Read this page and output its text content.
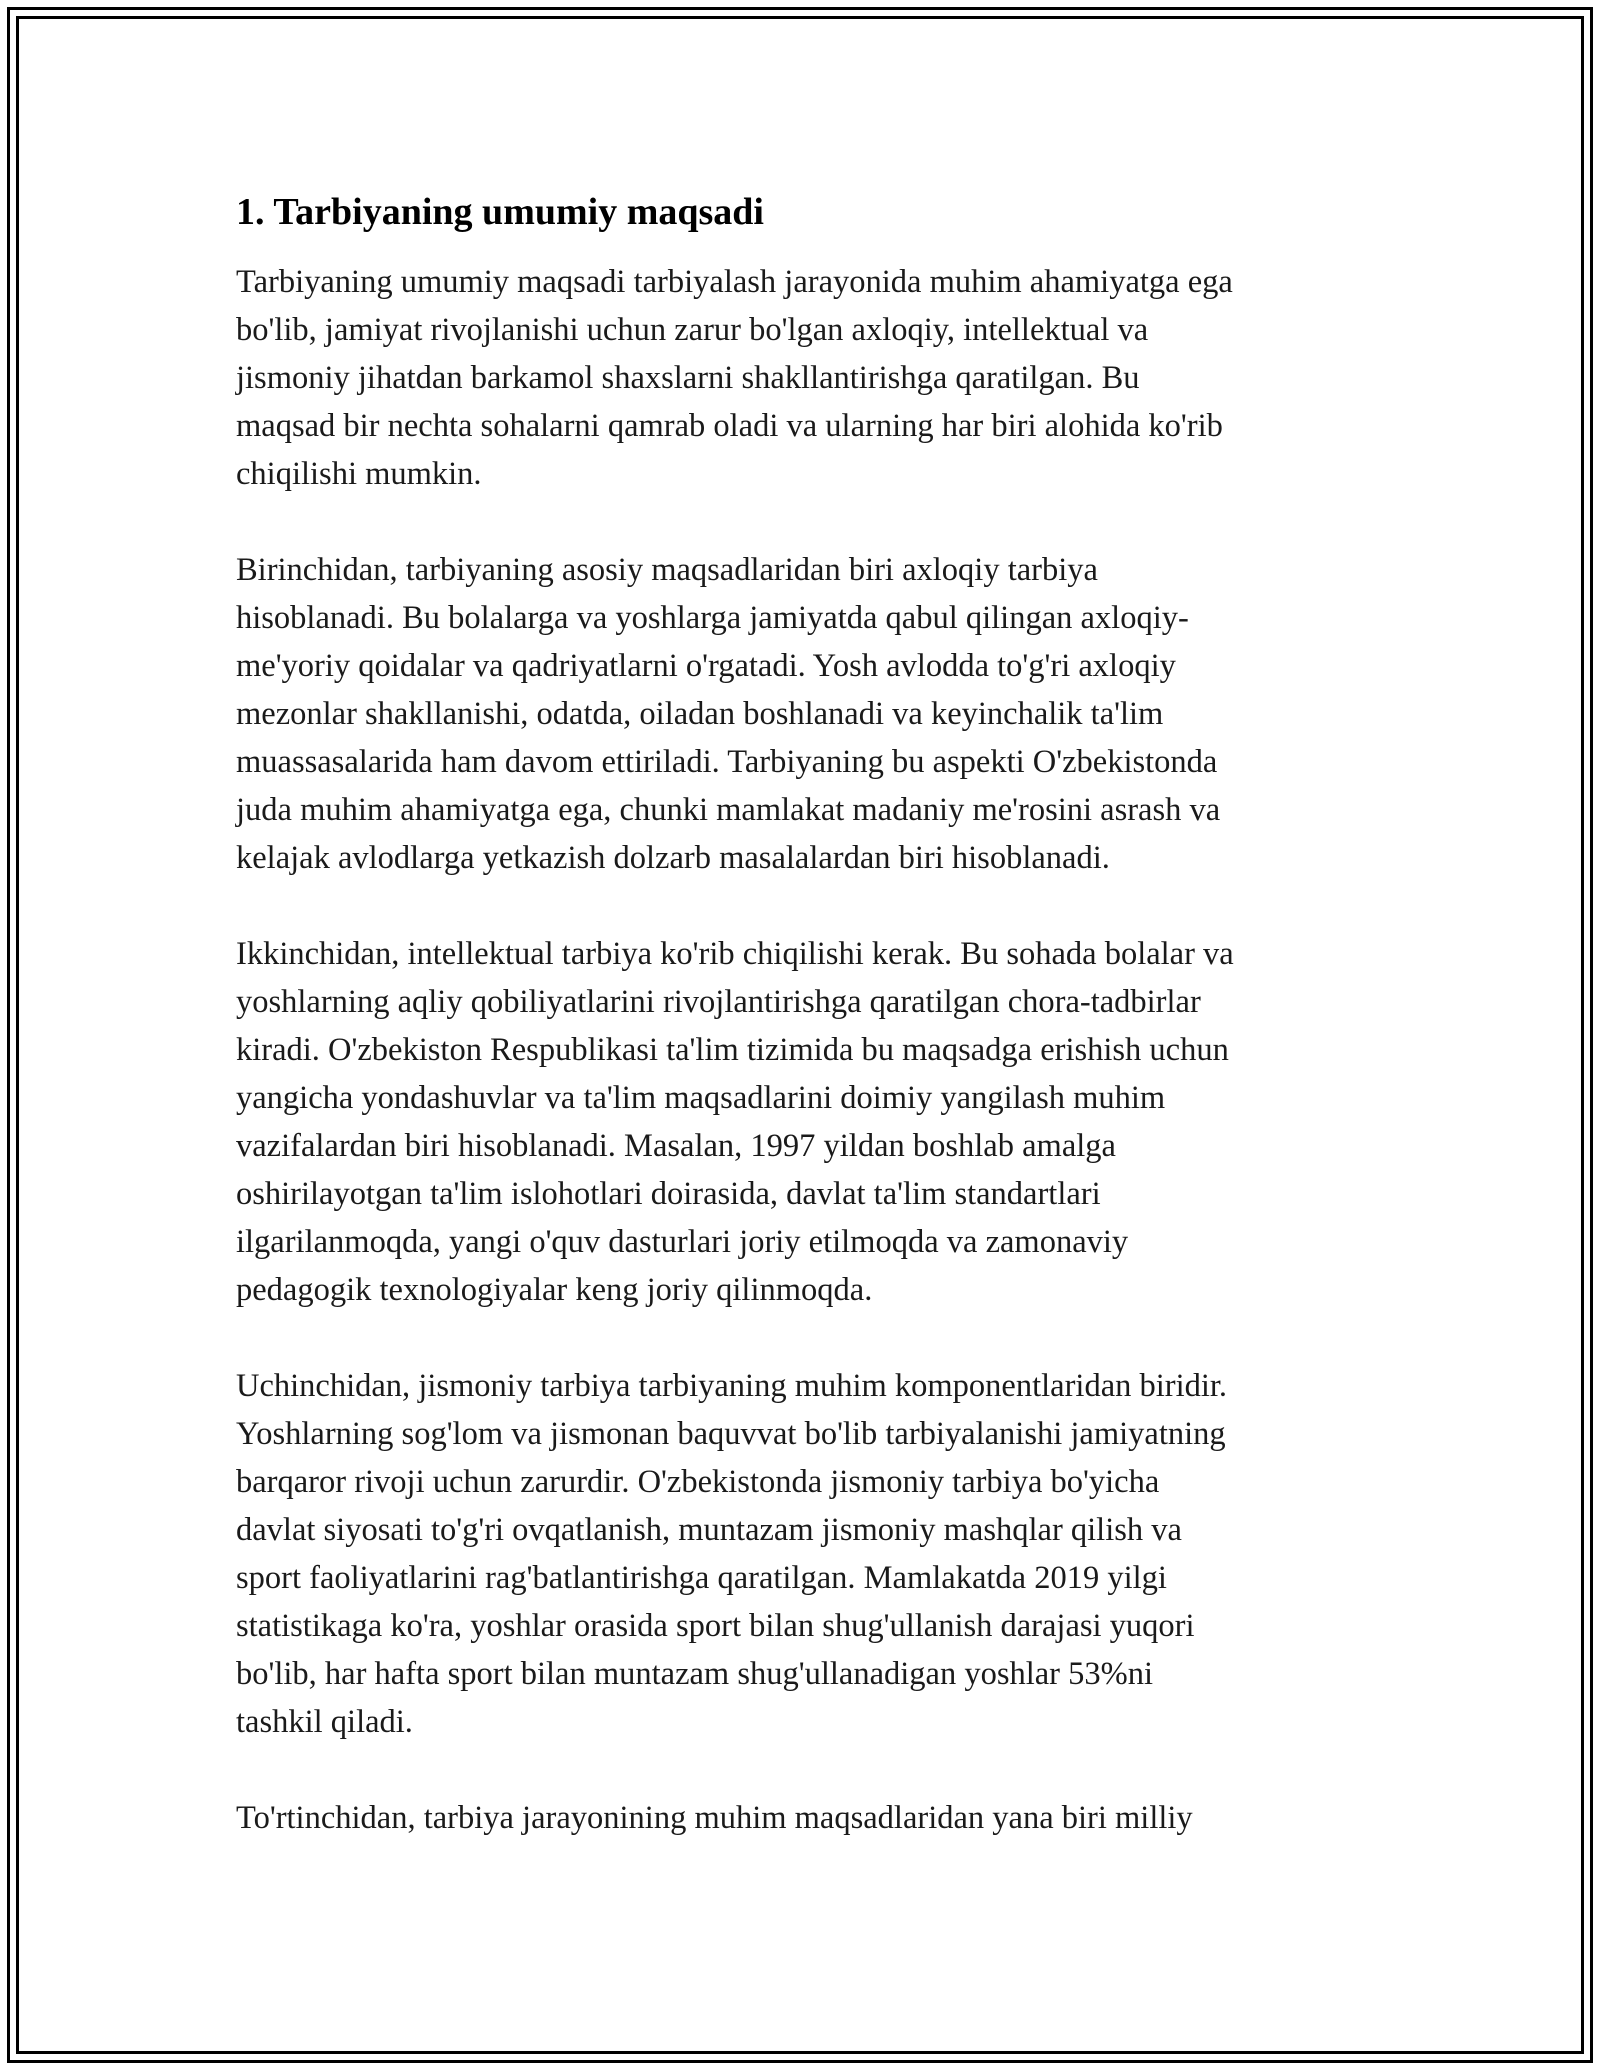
1. Tarbiyaning umumiy maqsadi

Tarbiyaning umumiy maqsadi tarbiyalash jarayonida muhim ahamiyatga ega
bo'lib, jamiyat rivojlanishi uchun zarur bo'lgan axloqiy, intellektual va
jismoniy jihatdan barkamol shaxslarni shakllantirishga qaratilgan. Bu
maqsad bir nechta sohalarni qamrab oladi va ularning har biri alohida ko'rib
chiqilishi mumkin.

Birinchidan, tarbiyaning asosiy maqsadlaridan biri axloqiy tarbiya
hisoblanadi. Bu bolalarga va yoshlarga jamiyatda qabul qilingan axloqiy-
me'yoriy qoidalar va qadriyatlarni o'rgatadi. Yosh avlodda to'g'ri axloqiy
mezonlar shakllanishi, odatda, oiladan boshlanadi va keyinchalik ta'lim
muassasalarida ham davom ettiriladi. Tarbiyaning bu aspekti O'zbekistonda
juda muhim ahamiyatga ega, chunki mamlakat madaniy me'rosini asrash va
kelajak avlodlarga yetkazish dolzarb masalalardan biri hisoblanadi.

Ikkinchidan, intellektual tarbiya ko'rib chiqilishi kerak. Bu sohada bolalar va
yoshlarning aqliy qobiliyatlarini rivojlantirishga qaratilgan chora-tadbirlar
kiradi. O'zbekiston Respublikasi ta'lim tizimida bu maqsadga erishish uchun
yangicha yondashuvlar va ta'lim maqsadlarini doimiy yangilash muhim
vazifalardan biri hisoblanadi. Masalan, 1997 yildan boshlab amalga
oshirilayotgan ta'lim islohotlari doirasida, davlat ta'lim standartlari
ilgarilanmoqda, yangi o'quv dasturlari joriy etilmoqda va zamonaviy
pedagogik texnologiyalar keng joriy qilinmoqda.

Uchinchidan, jismoniy tarbiya tarbiyaning muhim komponentlaridan biridir.
Yoshlarning sog'lom va jismonan baquvvat bo'lib tarbiyalanishi jamiyatning
barqaror rivoji uchun zarurdir. O'zbekistonda jismoniy tarbiya bo'yicha
davlat siyosati to'g'ri ovqatlanish, muntazam jismoniy mashqlar qilish va
sport faoliyatlarini rag'batlantirishga qaratilgan. Mamlakatda 2019 yilgi
statistikaga ko'ra, yoshlar orasida sport bilan shug'ullanish darajasi yuqori
bo'lib, har hafta sport bilan muntazam shug'ullanadigan yoshlar 53%ni
tashkil qiladi.

To'rtinchidan, tarbiya jarayonining muhim maqsadlaridan yana biri milliy
